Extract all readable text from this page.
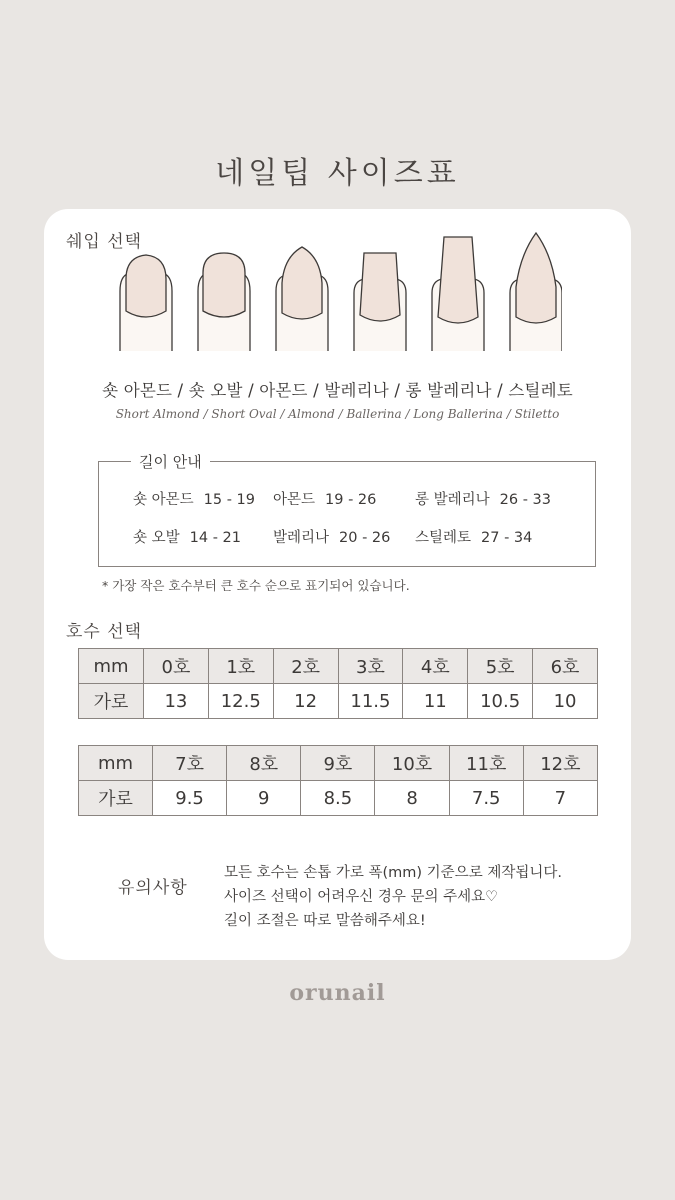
네일팁 사이즈표
쉐입 선택
숏 아몬드 / 숏 오발 / 아몬드 / 발레리나 / 롱 발레리나 / 스틸레토
Short Almond / Short Oval / Almond / Ballerina / Long Ballerina / Stiletto
길이 안내
숏 아몬드 15 - 19 아몬드 19 - 26	롱 발레리나 26 - 33
숏 오발 14 - 21 발레리나 20 - 26 스틸레토 27 - 34
* 가장 작은 호수부터 큰 호수 순으로 표기되어 있습니다.
호수 선택
mm	0호	1호	2호	3호	4호	5호	6호
가로	13	12.5	12	11.5	11	10.5	10
mm	7호	8호	9호	10호	11호	12호
가로	9.5	9	8.5	8	7.5	7
유의사항
모든 호수는 손톱 가로 폭(mm) 기준으로 제작됩니다.
사이즈 선택이 어려우신 경우 문의 주세요♡
길이 조절은 따로 말씀해주세요!
orunail
